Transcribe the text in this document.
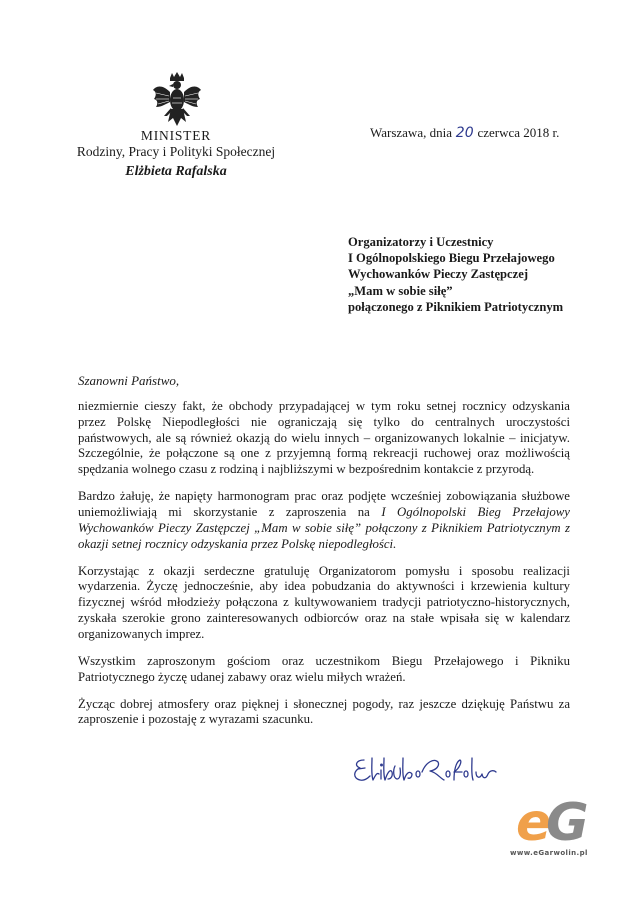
MINISTER
Rodziny, Pracy i Polityki Społecznej
Elżbieta Rafalska
Warszawa, dnia 20 czerwca 2018 r.
Organizatorzy i Uczestnicy
I Ogólnopolskiego Biegu Przełajowego
Wychowanków Pieczy Zastępczej
„Mam w sobie siłę”
połączonego z Piknikiem Patriotycznym
Szanowni Państwo,

niezmiernie cieszy fakt, że obchody przypadającej w tym roku setnej rocznicy odzyskania przez Polskę Niepodległości nie ograniczają się tylko do centralnych uroczystości państwowych, ale są również okazją do wielu innych – organizowanych lokalnie – inicjatyw. Szczególnie, że połączone są one z przyjemną formą rekreacji ruchowej oraz możliwością spędzania wolnego czasu z rodziną i najbliższymi w bezpośrednim kontakcie z przyrodą.

Bardzo żałuję, że napięty harmonogram prac oraz podjęte wcześniej zobowiązania służbowe uniemożliwiają mi skorzystanie z zaproszenia na I Ogólnopolski Bieg Przełajowy Wychowanków Pieczy Zastępczej „Mam w sobie siłę” połączony z Piknikiem Patriotycznym z okazji setnej rocznicy odzyskania przez Polskę niepodległości.

Korzystając z okazji serdeczne gratuluję Organizatorom pomysłu i sposobu realizacji wydarzenia. Życzę jednocześnie, aby idea pobudzania do aktywności i krzewienia kultury fizycznej wśród młodzieży połączona z kultywowaniem tradycji patriotyczno-historycznych, zyskała szerokie grono zainteresowanych odbiorców oraz na stałe wpisała się w kalendarz organizowanych imprez.

Wszystkim zaproszonym gościom oraz uczestnikom Biegu Przełajowego i Pikniku Patriotycznego życzę udanej zabawy oraz wielu miłych wrażeń.

Życząc dobrej atmosfery oraz pięknej i słonecznej pogody, raz jeszcze dziękuję Państwu za zaproszenie i pozostaję z wyrazami szacunku.

e
G
www.eGarwolin.pl
